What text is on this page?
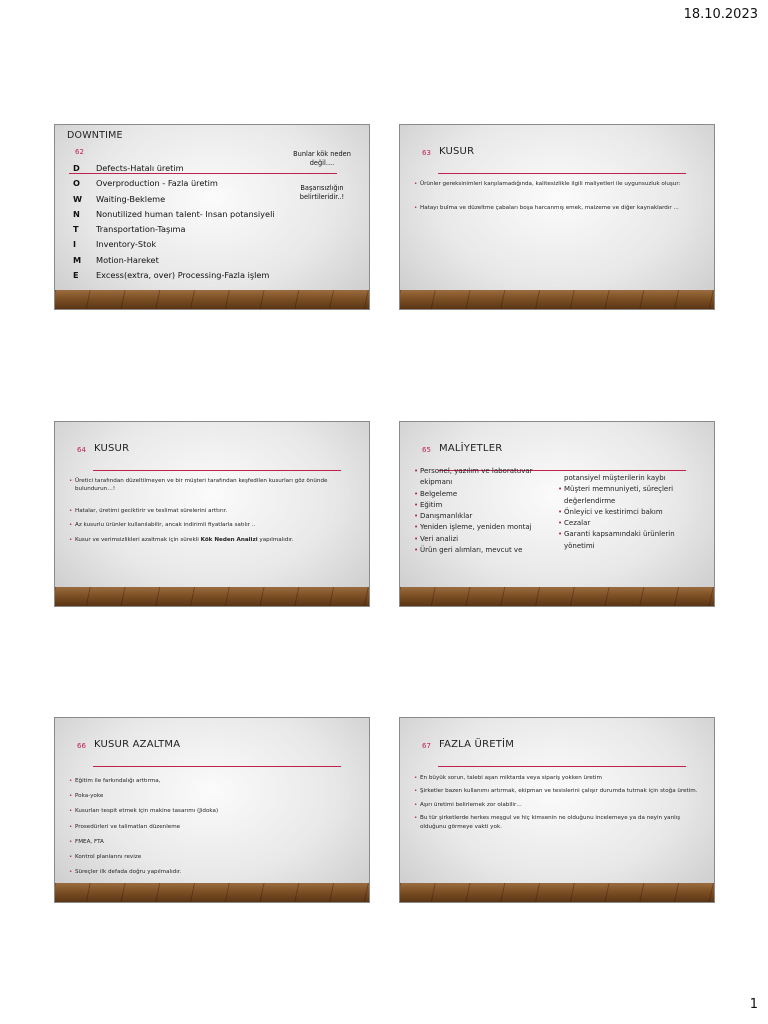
18.10.2023
DOWNTIME
62
D Defects-Hatalı üretim
O Overproduction - Fazla üretim
W Waiting-Bekleme
N Nonutilized human talent- Insan potansiyeli
T Transportation-Taşıma
I Inventory-Stok
M Motion-Hareket
E Excess(extra, over) Processing-Fazla işlem
Bunlar kök neden değil....
Başarısızlığın belirtileridir..!
63 KUSUR
• Ürünler gereksinimleri karşılamadığında, kalitesizlikle ilgili maliyetleri ile uygunsuzluk oluşur:
• Hatayı bulma ve düzeltme çabaları boşa harcanmış emek, malzeme ve diğer kaynaklardır ...
64 KUSUR
• Üretici tarafından düzeltilmeyen ve bir müşteri tarafından keşfedilen kusurları göz önünde bulundurun…!
• Hatalar, üretimi geciktirir ve teslimat sürelerini arttırır.
• Az kusurlu ürünler kullanılabilir, ancak indirimli fiyatlarla satılır ..
• Kusur ve verimsizlikleri azaltmak için sürekli Kök Neden Analizi yapılmalıdır.
65 MALİYETLER
• Personel, yazılım ve laboratuvar ekipmanı
• Belgeleme
• Eğitim
• Danışmanlıklar
• Yeniden işleme, yeniden montaj
• Veri analizi
• Ürün geri alımları, mevcut ve
potansiyel müşterilerin kaybı
• Müşteri memnuniyeti, süreçleri değerlendirme
• Önleyici ve kestirimci bakım
• Cezalar
• Garanti kapsamındaki ürünlerin yönetimi
66 KUSUR AZALTMA
• Eğitim ile farkındalığı arttırma,
• Poka-yoke
• Kusurları tespit etmek için makine tasarımı (Jidoka)
• Prosedürleri ve talimatları düzenleme
• FMEA, FTA
• Kontrol planlarını revize
• Süreçler ilk defada doğru yapılmalıdır.
67 FAZLA ÜRETİM
• En büyük sorun, talebi aşan miktarda veya sipariş yokken üretim
• Şirketler bazen kullanımı artırmak, ekipman ve tesislerini çalışır durumda tutmak için stoğa üretim.
• Aşırı üretimi belirlemek zor olabilir…
• Bu tür şirketlerde herkes meşgul ve hiç kimsenin ne olduğunu incelemeye ya da neyin yanlış olduğunu görmeye vakti yok.
1
